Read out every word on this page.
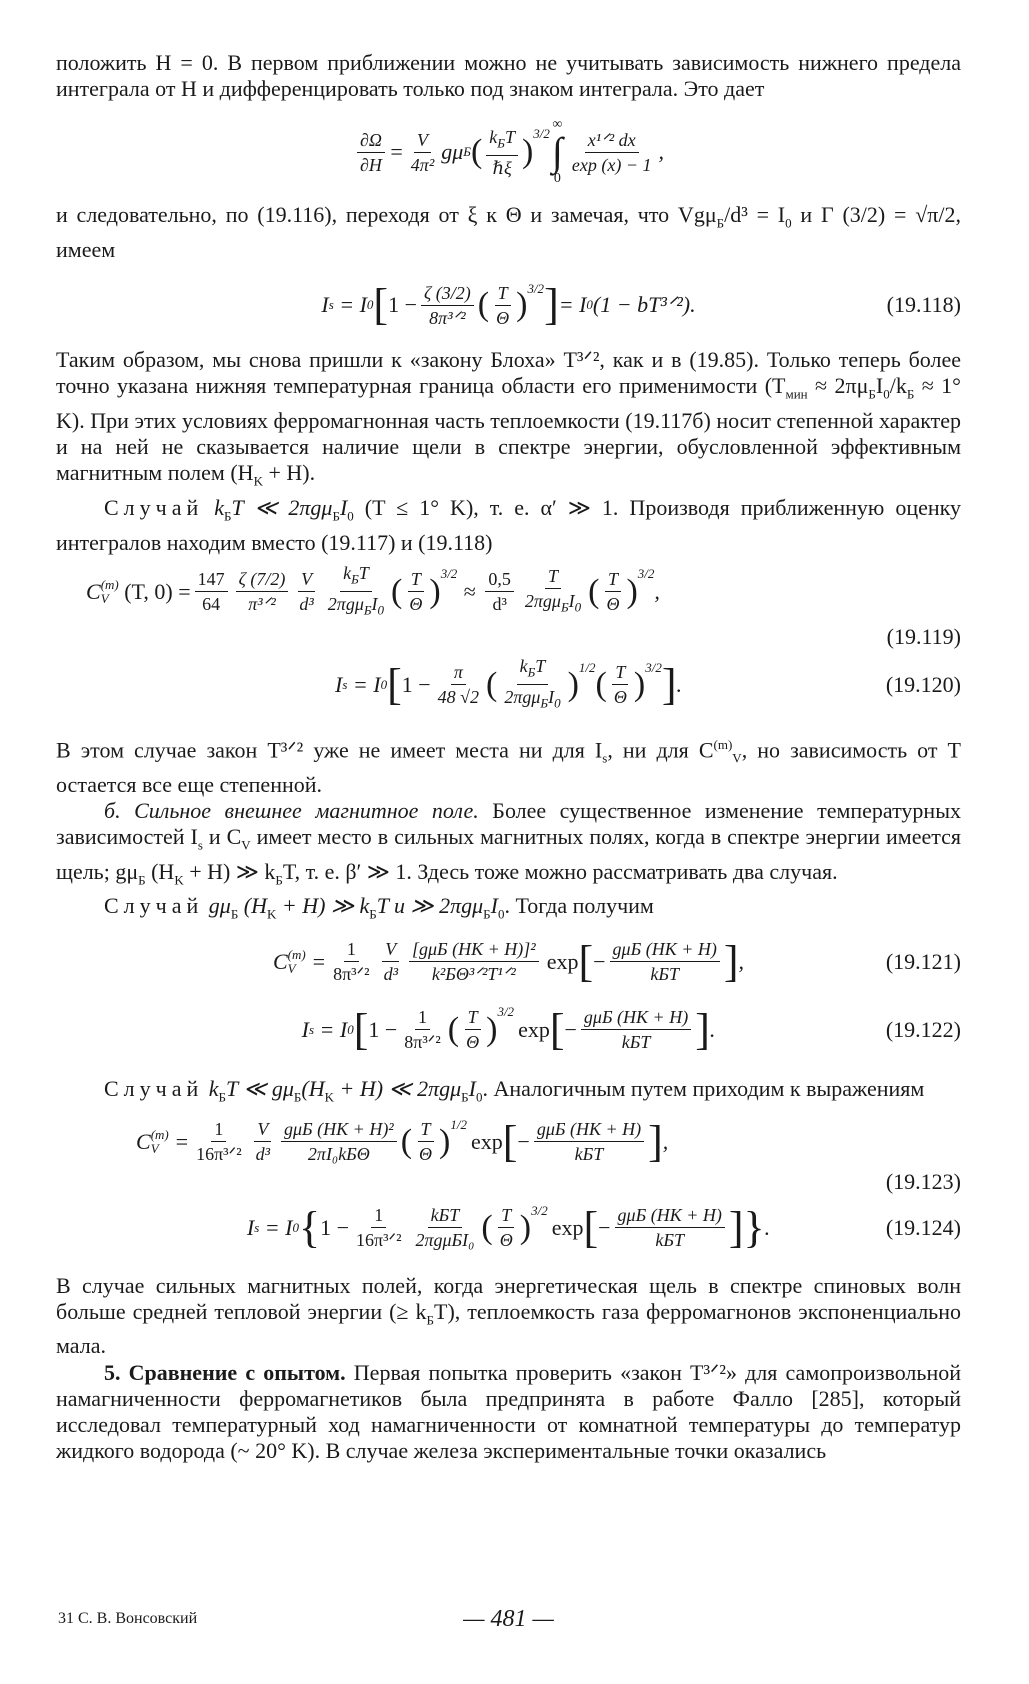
положить H = 0. В первом приближении можно не учитывать зависимость нижнего предела интеграла от H и дифференцировать только под знаком интеграла. Это дает

$\frac{\partial\Omega}{\partial H} = \frac{V}{\text{4π²}}$ gμ Б ( $\frac{k_БT}{\text{ℏξ}} )^{3/2}$
∞
∫
0
$\frac{\text{x¹ᐟ² dx}}{\exp (x) - 1}$ ,

и следовательно, по (19.116), переходя от ξ к Θ и замечая, что $Vg\mu_Б/d^3 = I_0$ и Γ (3/2) = √π/2, имеем

I s
= I 0 [ $1 - \frac{\zeta (3/2)}{\text{8π³ᐟ²}}$ ( $\frac{T}{\Theta} )^{3/2}$ ] = I 0 (1 − bT³ᐟ²).	(19.118)

Таким образом, мы снова пришли к «закону Блоха» T³ᐟ², как и в (19.85). Только теперь более точно указана нижняя температурная граница области его применимости ($T_{мин} \approx 2\pi\mu_БI_0/k_Б \approx 1^\circ$ K). При этих условиях ферромагнонная часть теплоемкости (19.117б) носит степенной характер и на ней не сказывается наличие щели в спектре энергии, обусловленной эффективным магнитным полем $(H_K + H)$.

Случай $k_БT$ ≪ $2\pi g\mu_БI_0$ (T ≤ 1° K), т. е. α′ ≫ 1. Производя приближенную оценку интегралов находим вместо (19.117) и (19.118)

C (m)
V
(T, $0) = \frac{147}{64} \frac{\zeta (7/2)}{\text{π³ᐟ²}} \frac{V}{\text{d³}} \frac{k_БT}{2\pi g\mu_БI_0}$ ( $\frac{T}{\Theta} )^{3/2}$
≈ $\frac{0,5}{\text{d³}} \frac{T}{2\pi g\mu_БI_0}$ ( $\frac{T}{\Theta} )^{3/2}$
,
(19.119)
I s
= I 0 [ $1 - \frac{\pi}{48 √2}$ ( $\frac{k_БT}{2\pi g\mu_БI_0} )^{1/2}$ ( $\frac{T}{\Theta} )^{3/2}$ ] .	(19.120)

В этом случае закон T³ᐟ² уже не имеет места ни для $I_s$, ни для $C^{(m)}_V$, но зависимость от T остается все еще степенной.

б. Сильное внешнее магнитное поле. Более существенное изменение температурных зависимостей $I_s$ и $C_V$ имеет место в сильных магнитных полях, когда в спектре энергии имеется щель; $g\mu_Б$ $(H_K + H)$ ≫ $k_БT$, т. е. β′ ≫ 1. Здесь тоже можно рассматривать два случая.

Случай $g\mu_Б$ $(H_K + H)$ ≫ $k_БT$ и ≫ $2\pi g\mu_БI_0$. Тогда получим

C (m)
V
= $\frac{1}{\text{8π³ᐟ²}} \frac{V}{\text{d³}} \frac{\text{[gμБ (HK + H)]²}}{\text{k²БΘ³ᐟ²T¹ᐟ²}}$ exp [ − $\frac{\text{gμБ (HK + H)}}{\text{kБT}}$ ] ,	(19.121)
I s
= I 0 [ $1 - \frac{1}{\text{8π³ᐟ²}}$ ( $\frac{T}{\Theta} )^{3/2}$
exp [ − $\frac{\text{gμБ (HK + H)}}{\text{kБT}}$ ] .	(19.122)

Случай $k_БT$ ≪ $g\mu_Б(H_K + H)$ ≪ $2\pi g\mu_БI_0$. Аналогичным путем приходим к выражениям

C (m)
V
= $\frac{1}{\text{16π³ᐟ²}} \frac{V}{\text{d³}} \frac{\text{gμБ (HK + H)²}}{\text{2πI₀kБΘ}}$ ( $\frac{T}{\Theta} )^{1/2}$
exp [ − $\frac{\text{gμБ (HK + H)}}{\text{kБT}}$ ] ,
(19.123)
I s
= I 0 { $1 - \frac{1}{\text{16π³ᐟ²}} \frac{\text{kБT}}{\text{2πgμБI₀}}$ ( $\frac{T}{\Theta} )^{3/2}$
exp [ − $\frac{\text{gμБ (HK + H)}}{\text{kБT}}$ ] } .	(19.124)

В случае сильных магнитных полей, когда энергетическая щель в спектре спиновых волн больше средней тепловой энергии (≥ $k_БT$), теплоемкость газа ферромагнонов экспоненциально мала.

5. Сравнение с опытом. Первая попытка проверить «закон T³ᐟ²» для самопроизвольной намагниченности ферромагнетиков была предпринята в работе Фалло [285], который исследовал температурный ход намагниченности от комнатной температуры до температур жидкого водорода (~ 20° K). В случае железа экспериментальные точки оказались

31 С. В. Вонсовский	— 481 —
